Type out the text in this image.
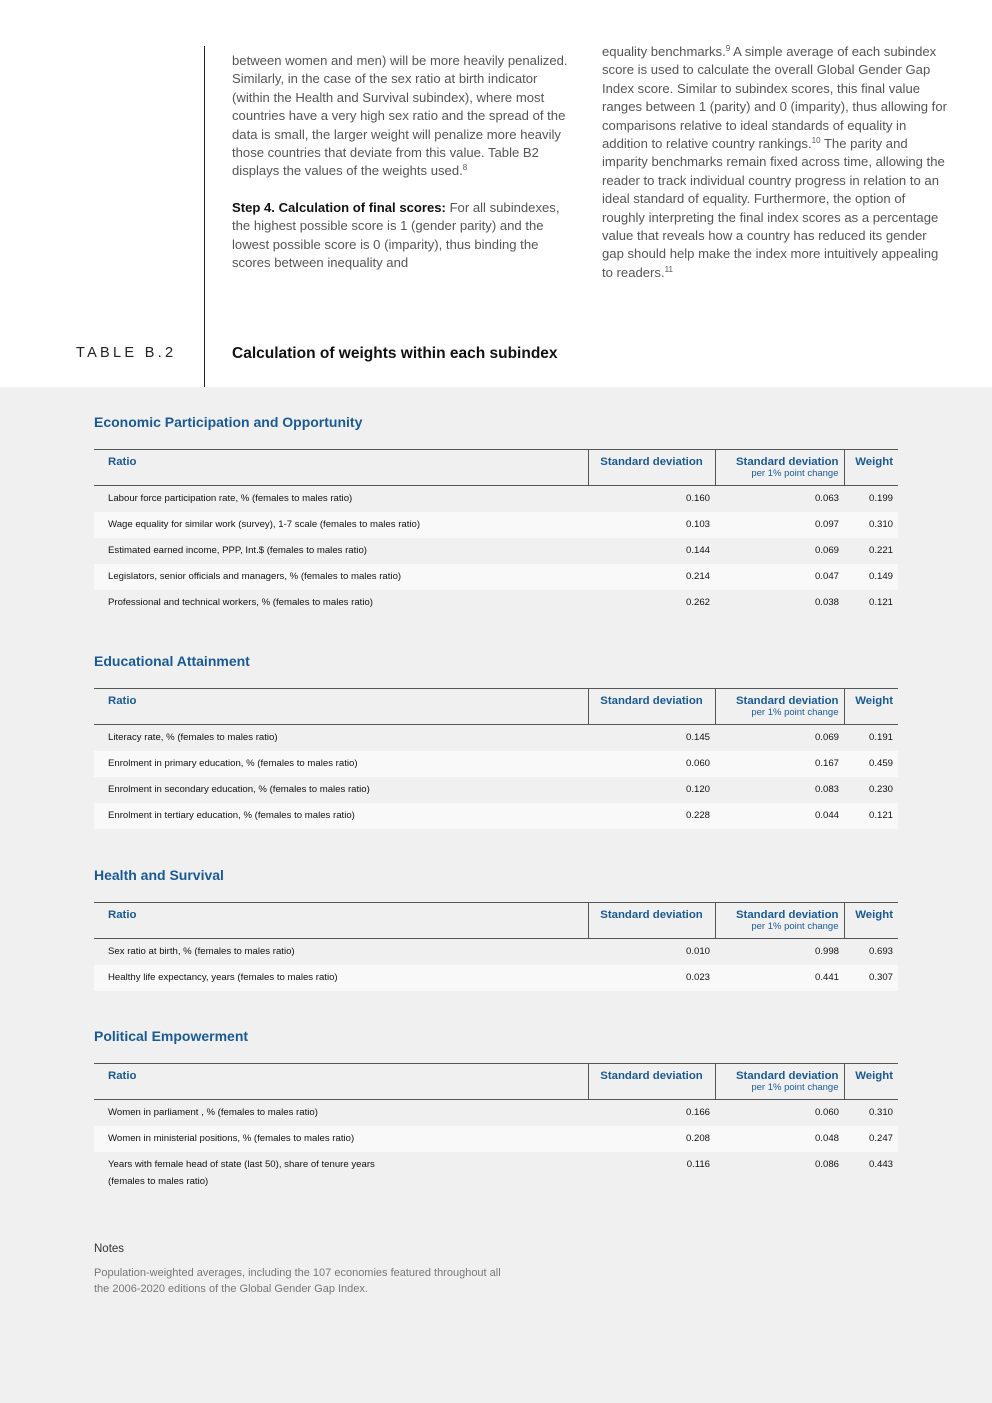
between women and men) will be more heavily penalized. Similarly, in the case of the sex ratio at birth indicator (within the Health and Survival subindex), where most countries have a very high sex ratio and the spread of the data is small, the larger weight will penalize more heavily those countries that deviate from this value. Table B2 displays the values of the weights used.$^8$

Step 4. Calculation of final scores: For all subindexes, the highest possible score is 1 (gender parity) and the lowest possible score is 0 (imparity), thus binding the scores between inequality and

equality benchmarks.$^9$ A simple average of each subindex score is used to calculate the overall Global Gender Gap Index score. Similar to subindex scores, this final value ranges between 1 (parity) and 0 (imparity), thus allowing for comparisons relative to ideal standards of equality in addition to relative country rankings.$^{10}$ The parity and imparity benchmarks remain fixed across time, allowing the reader to track individual country progress in relation to an ideal standard of equality. Furthermore, the option of roughly interpreting the final index scores as a percentage value that reveals how a country has reduced its gender gap should help make the index more intuitively appealing to readers.$^{11}$

TABLE B.2	Calculation of weights within each subindex
Economic Participation and Opportunity
Ratio	Standard deviation	Standard deviation
per 1% point change	Weight
Labour force participation rate, % (females to males ratio)	0.160	0.063	0.199
Wage equality for similar work (survey), 1-7 scale (females to males ratio)	0.103	0.097	0.310
Estimated earned income, PPP, Int.$ (females to males ratio)	0.144	0.069	0.221
Legislators, senior officials and managers, % (females to males ratio)	0.214	0.047	0.149
Professional and technical workers, % (females to males ratio)	0.262	0.038	0.121
Educational Attainment
Ratio	Standard deviation	Standard deviation
per 1% point change	Weight
Literacy rate, % (females to males ratio)	0.145	0.069	0.191
Enrolment in primary education, % (females to males ratio)	0.060	0.167	0.459
Enrolment in secondary education, % (females to males ratio)	0.120	0.083	0.230
Enrolment in tertiary education, % (females to males ratio)	0.228	0.044	0.121
Health and Survival
Ratio	Standard deviation	Standard deviation
per 1% point change	Weight
Sex ratio at birth, % (females to males ratio)	0.010	0.998	0.693
Healthy life expectancy, years (females to males ratio)	0.023	0.441	0.307
Political Empowerment
Ratio	Standard deviation	Standard deviation
per 1% point change	Weight
Women in parliament , % (females to males ratio)	0.166	0.060	0.310
Women in ministerial positions, % (females to males ratio)	0.208	0.048	0.247
Years with female head of state (last 50), share of tenure years
(females to males ratio)	0.116	0.086	0.443
Notes
Population-weighted averages, including the 107 economies featured throughout all the 2006-2020 editions of the Global Gender Gap Index.
